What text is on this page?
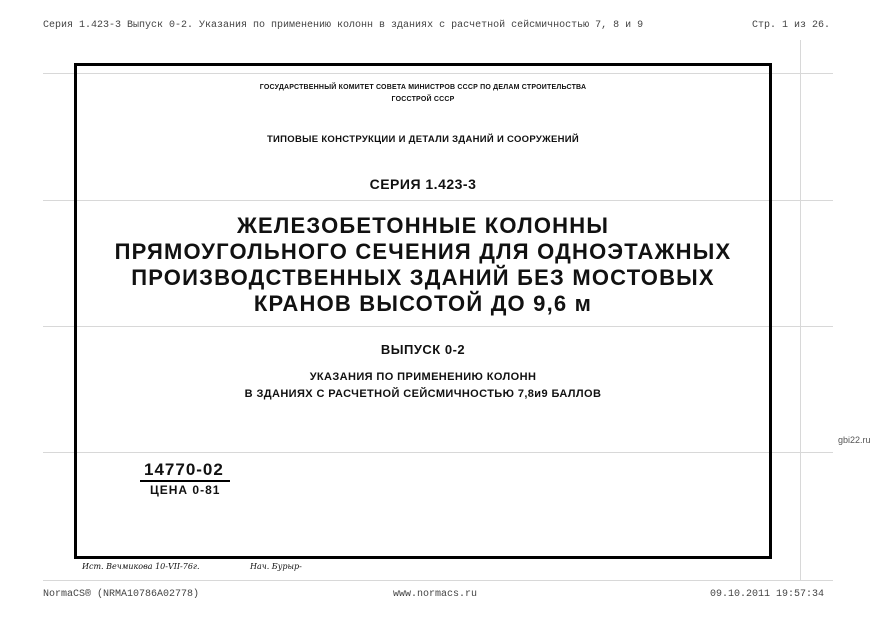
Серия 1.423-3 Выпуск 0-2. Указания по применению колонн в зданиях с расчетной сейсмичностью 7, 8 и 9	Стр. 1 из 26.
ГОСУДАРСТВЕННЫЙ КОМИТЕТ СОВЕТА МИНИСТРОВ СССР ПО ДЕЛАМ СТРОИТЕЛЬСТВА
ГОССТРОЙ СССР
ТИПОВЫЕ КОНСТРУКЦИИ И ДЕТАЛИ ЗДАНИЙ И СООРУЖЕНИЙ
СЕРИЯ 1.423-3
ЖЕЛЕЗОБЕТОННЫЕ КОЛОННЫ
ПРЯМОУГОЛЬНОГО СЕЧЕНИЯ ДЛЯ ОДНОЭТАЖНЫХ
ПРОИЗВОДСТВЕННЫХ ЗДАНИЙ БЕЗ МОСТОВЫХ
КРАНОВ ВЫСОТОЙ ДО 9,6 м
ВЫПУСК 0-2
УКАЗАНИЯ ПО ПРИМЕНЕНИЮ КОЛОНН
В ЗДАНИЯХ С РАСЧЕТНОЙ СЕЙСМИЧНОСТЬЮ 7,8и9 БАЛЛОВ
14770-02
ЦЕНА 0-81
Ист. Вечмикова 10-VII-76г.	Нач. Бурыр-
gbi22.ru
NormaCS® (NRMA10786A02778)	www.normacs.ru	09.10.2011 19:57:34
